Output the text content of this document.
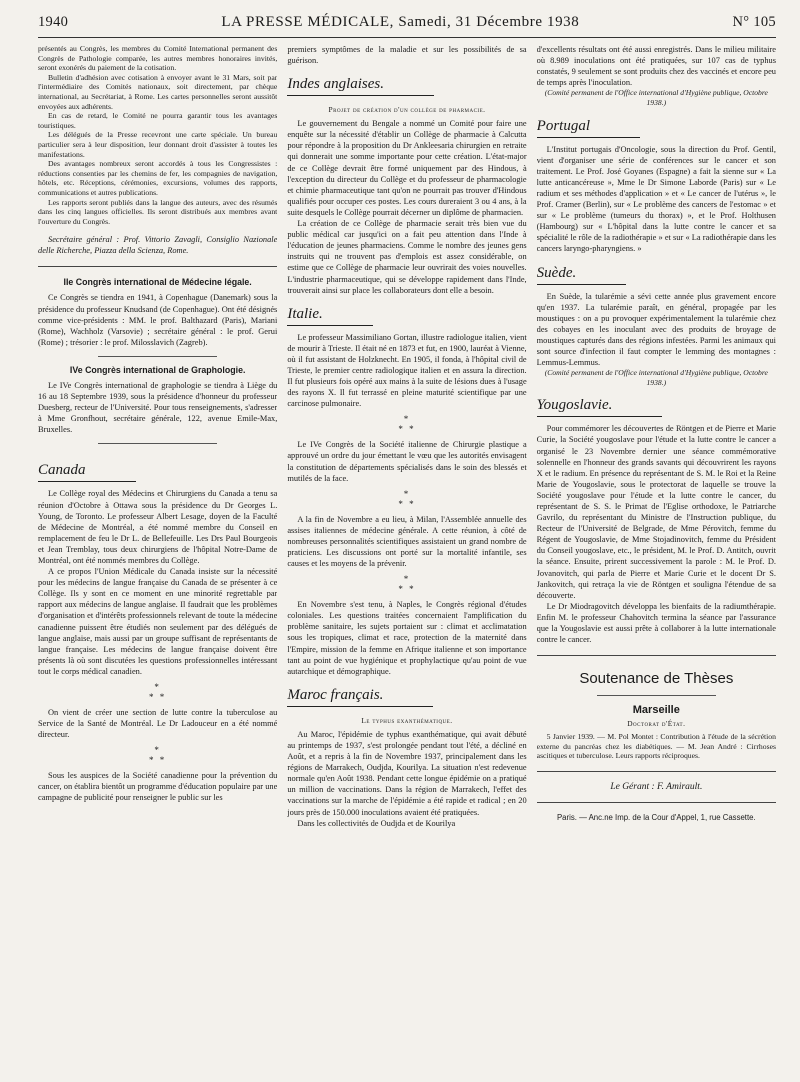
1940	LA PRESSE MÉDICALE, Samedi, 31 Décembre 1938	N° 105

présentés au Congrès, les membres du Comité International permanent des Congrès de Pathologie comparée, les autres membres honoraires invités, seront exonérés du paiement de la cotisation.

Bulletin d'adhésion avec cotisation à envoyer avant le 31 Mars, soit par l'intermédiaire des Comités nationaux, soit directement, par chèque international, au Secrétariat, à Rome. Les cartes personnelles seront aussitôt envoyées aux adhérents.

En cas de retard, le Comité ne pourra garantir tous les avantages touristiques.

Les délégués de la Presse recevront une carte spéciale. Un bureau particulier sera à leur disposition, leur donnant droit d'assister à toutes les manifestations.

Des avantages nombreux seront accordés à tous les Congressistes : réductions consenties par les chemins de fer, les compagnies de navigation, hôtels, etc. Réceptions, cérémonies, excursions, volumes des rapports, communications et autres publications.

Les rapports seront publiés dans la langue des auteurs, avec des résumés dans les cinq langues officielles. Ils seront distribués aux membres avant l'ouverture du Congrès.

Secrétaire général : Prof. Vittorio Zavagli, Consiglio Nazionale delle Richerche, Piazza della Scienza, Rome.

IIe Congrès international de Médecine légale.

Ce Congrès se tiendra en 1941, à Copenhague (Danemark) sous la présidence du professeur Knudsand (de Copenhague). Ont été désignés comme vice-présidents : MM. le prof. Balthazard (Paris), Mariani (Rome), Wachholz (Varsovie) ; secrétaire général : le prof. Gerui (Rome) ; trésorier : le prof. Milosslavich (Zagreb).

IVe Congrès international de Graphologie.

Le IVe Congrès international de graphologie se tiendra à Liège du 16 au 18 Septembre 1939, sous la présidence d'honneur du professeur Duesberg, recteur de l'Université. Pour tous renseignements, s'adresser à Mme Gronfhout, secrétaire générale, 122, avenue Emile-Max, Bruxelles.

Canada

Le Collège royal des Médecins et Chirurgiens du Canada a tenu sa réunion d'Octobre à Ottawa sous la présidence du Dr Georges L. Young, de Toronto. Le professeur Albert Lesage, doyen de la Faculté de Médecine de Montréal, a été nommé membre du Conseil en remplacement de feu le Dr L. de Bellefeuille. Les Drs Paul Bourgeois et Jean Tremblay, tous deux chirurgiens de l'hôpital Notre-Dame de Montréal, ont été nommés membres du Collège.

A ce propos l'Union Médicale du Canada insiste sur la nécessité pour les médecins de langue française du Canada de se présenter à ce Collège. Ils y sont en ce moment en une minorité regrettable par rapport aux médecins de langue anglaise. Il faudrait que les problèmes d'organisation et d'intérêts professionnels relevant de toute la médecine canadienne puissent être étudiés non seulement par des délégués de langue anglaise, mais aussi par un groupe suffisant de représentants de langue française. Les médecins de langue française doivent être présents là où sont discutées les questions professionnelles intéressant tout le corps médical canadien.

*
* *

On vient de créer une section de lutte contre la tuberculose au Service de la Santé de Montréal. Le Dr Ladouceur en a été nommé directeur.

*
* *

Sous les auspices de la Société canadienne pour la prévention du cancer, on établira bientôt un programme d'éducation populaire par une campagne de publicité pour renseigner le public sur les

premiers symptômes de la maladie et sur les possibilités de sa guérison.

Indes anglaises.
Projet de création d'un collège de pharmacie.

Le gouvernement du Bengale a nommé un Comité pour faire une enquête sur la nécessité d'établir un Collège de pharmacie à Calcutta pour répondre à la proposition du Dr Ankleesaria chirurgien en retraite qui donnerait une somme importante pour cette création. L'état-major de ce Collège devrait être formé uniquement par des Hindous, à l'exception du directeur du Collège et du professeur de pharmacologie et chimie pharmaceutique tant qu'on ne pourrait pas trouver d'Hindous qualifiés pour occuper ces postes. Les cours dureraient 3 ou 4 ans, à la suite desquels le Collège pourrait décerner un diplôme de pharmacien.

La création de ce Collège de pharmacie serait très bien vue du public médical car jusqu'ici on a fait peu attention dans l'Inde à l'éducation de jeunes pharmaciens. Comme le nombre des jeunes gens instruits qui ne trouvent pas d'emplois est assez considérable, on estime que ce Collège de pharmacie leur ouvrirait des voies nouvelles. L'industrie pharmaceutique, qui se développe rapidement dans l'Inde, trouverait ainsi sur place les collaborateurs dont elle a besoin.

Italie.

Le professeur Massimiliano Gortan, illustre radiologue italien, vient de mourir à Trieste. Il était né en 1873 et fut, en 1900, lauréat à Vienne, où il fut assistant de Holzknecht. En 1905, il fonda, à l'hôpital civil de Trieste, le premier centre radiologique italien et en assura la direction. Il fut plusieurs fois opéré aux mains à la suite de lésions dues à l'usage des rayons X. Il fut terrassé en pleine maturité scientifique par une carcinose pulmonaire.

*
* *

Le IVe Congrès de la Société italienne de Chirurgie plastique a approuvé un ordre du jour émettant le vœu que les autorités envisagent la constitution de départements spécialisés dans le soin des blessés et mutilés de la face.

*
* *

A la fin de Novembre a eu lieu, à Milan, l'Assemblée annuelle des assises italiennes de médecine générale. A cette réunion, à côté de nombreuses personnalités scientifiques assistaient un grand nombre de praticiens. Les discussions ont porté sur la mortalité infantile, ses causes et les moyens de la prévenir.

*
* *

En Novembre s'est tenu, à Naples, le Congrès régional d'études coloniales. Les questions traitées concernaient l'amplification du problème sanitaire, les sujets portaient sur : climat et acclimatation sous les tropiques, climat et race, protection de la maternité dans l'Empire, mission de la femme en Afrique italienne et son importance tant au point de vue hygiénique et prophylactique qu'au point de vue autarchique et démographique.

Maroc français.
Le typhus exanthématique.

Au Maroc, l'épidémie de typhus exanthématique, qui avait débuté au printemps de 1937, s'est prolongée pendant tout l'été, a décliné en Août, et a repris à la fin de Novembre 1937, principalement dans les régions de Marrakech, Oudjda, Kourilya. La situation n'est redevenue normale qu'en Août 1938. Pendant cette longue épidémie on a pratiqué un million de vaccinations. Dans la région de Marrakech, l'effet des vaccinations sur la marche de l'épidémie a été rapide et radical ; en 20 jours près de 150.000 inoculations avaient été pratiquées.

Dans les collectivités de Oudjda et de Kourilya

d'excellents résultats ont été aussi enregistrés. Dans le milieu militaire où 8.989 inoculations ont été pratiquées, sur 107 cas de typhus constatés, 9 seulement se sont produits chez des vaccinés et encore peu de temps après l'inoculation.

(Comité permanent de l'Office international d'Hygiène publique, Octobre 1938.)

Portugal

L'Institut portugais d'Oncologie, sous la direction du Prof. Gentil, vient d'organiser une série de conférences sur le cancer et son traitement. Le Prof. José Goyanes (Espagne) a fait la sienne sur « La lutte anticancéreuse », Mme le Dr Simone Laborde (Paris) sur « Le radium et ses méthodes d'application » et « Le cancer de l'utérus », le Prof. Cramer (Berlin), sur « Le problème des cancers de l'estomac » et sur « Le problème (tumeurs du thorax) », et le Prof. Holthusen (Hambourg) sur « L'hôpital dans la lutte contre le cancer et sa spécialité le rôle de la radiothérapie » et sur « La radiothérapie dans les cancers laryngo-pharyngiens. »

Suède.

En Suède, la tularémie a sévi cette année plus gravement encore qu'en 1937. La tularémie paraît, en général, propagée par les moustiques : on a pu provoquer expérimentalement la tularémie chez des cobayes en les inoculant avec des produits de broyage de moustiques capturés dans des régions infestées. Parmi les animaux qui sont source d'infection il faut compter le lemming des montagnes : Lemmus-Lemmus.

(Comité permanent de l'Office international d'Hygiène publique, Octobre 1938.)

Yougoslavie.

Pour commémorer les découvertes de Röntgen et de Pierre et Marie Curie, la Société yougoslave pour l'étude et la lutte contre le cancer a organisé le 23 Novembre dernier une séance commémorative solennelle en l'honneur des grands savants qui découvrirent les rayons X et le radium. En présence du représentant de S. M. le Roi et la Reine Marie de Yougoslavie, sous le protectorat de laquelle se trouve la Société yougoslave pour l'étude et la lutte contre le cancer, du représentant de S. S. le Primat de l'Eglise orthodoxe, le Patriarche Gavrilo, du représentant du Ministre de l'Instruction publique, du Recteur de l'Université de Belgrade, de Mme Pérovitch, femme du Régent de Yougoslavie, de Mme Stojadinovitch, femme du Président du Conseil yougoslave, etc., le président, M. le Prof. D. Antitch, ouvrit la séance. Ensuite, prirent successivement la parole : M. le Prof. D. Jovanovitch, qui parla de Pierre et Marie Curie et le docent Dr S. Jankovitch, qui retraça la vie de Röntgen et souligna l'étendue de sa découverte.

Le Dr Miodragovitch développa les bienfaits de la radiumthérapie. Enfin M. le professeur Chahovitch termina la séance par l'assurance que la Yougoslavie est aussi prête à collaborer à la lutte internationale contre le cancer.

Soutenance de Thèses
Marseille
Doctorat d'État.

5 Janvier 1939. — M. Pol Montet : Contribution à l'étude de la sécrétion externe du pancréas chez les diabétiques. — M. Jean André : Cirrhoses ascitiques et tuberculose. Leurs rapports réciproques.

Le Gérant : F. Amirault.
Paris. — Anc.ne Imp. de la Cour d'Appel, 1, rue Cassette.
